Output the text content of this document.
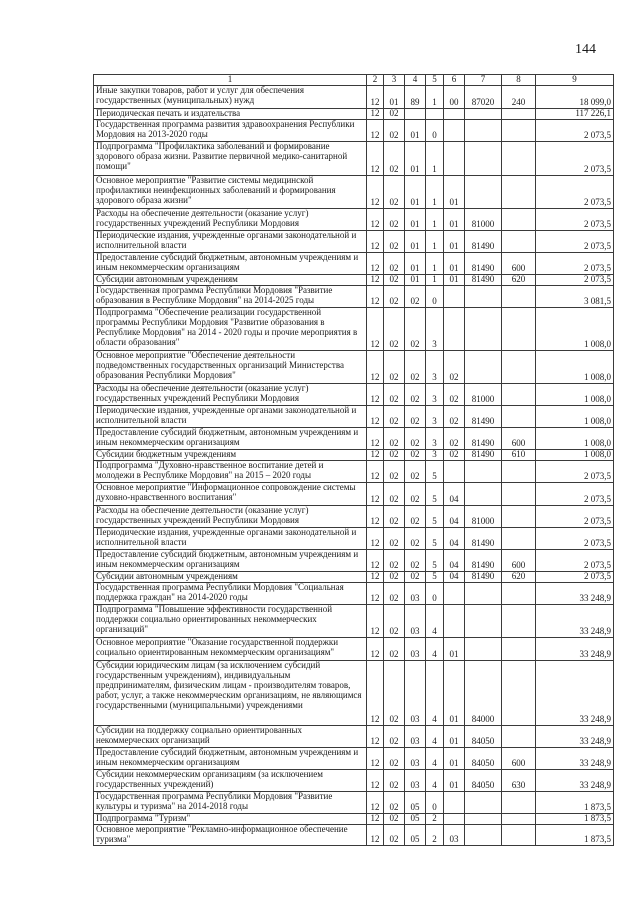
144
1	2	3	4	5	6	7	8	9
Иные закупки товаров, работ и услуг для обеспечения государственных (муниципальных) нужд	12	01	89	1	00	87020	240	18 099,0
Периодическая печать и издательства	12	02						117 226,1
Государственная программа развития здравоохранения Республики Мордовия на 2013-2020 годы	12	02	01	0				2 073,5
Подпрограмма "Профилактика заболеваний и формирование здорового образа жизни. Развитие первичной медико-санитарной помощи"	12	02	01	1				2 073,5
Основное мероприятие "Развитие системы медицинской профилактики неинфекционных заболеваний и формирования здорового образа жизни"	12	02	01	1	01			2 073,5
Расходы на обеспечение деятельности (оказание услуг) государственных учреждений Республики Мордовия	12	02	01	1	01	81000		2 073,5
Периодические издания, учрежденные органами законодательной и исполнительной власти	12	02	01	1	01	81490		2 073,5
Предоставление субсидий бюджетным, автономным учреждениям и иным некоммерческим организациям	12	02	01	1	01	81490	600	2 073,5
Субсидии автономным учреждениям	12	02	01	1	01	81490	620	2 073,5
Государственная программа Республики Мордовия "Развитие образования в Республике Мордовия" на 2014-2025 годы	12	02	02	0				3 081,5
Подпрограмма "Обеспечение реализации государственной программы Республики Мордовия "Развитие образования в Республике Мордовия" на 2014 - 2020 годы и прочие мероприятия в области образования"	12	02	02	3				1 008,0
Основное мероприятие "Обеспечение деятельности подведомственных государственных организаций Министерства образования Республики Мордовия"	12	02	02	3	02			1 008,0
Расходы на обеспечение деятельности (оказание услуг) государственных учреждений Республики Мордовия	12	02	02	3	02	81000		1 008,0
Периодические издания, учрежденные органами законодательной и исполнительной власти	12	02	02	3	02	81490		1 008,0
Предоставление субсидий бюджетным, автономным учреждениям и иным некоммерческим организациям	12	02	02	3	02	81490	600	1 008,0
Субсидии бюджетным учреждениям	12	02	02	3	02	81490	610	1 008,0
Подпрограмма "Духовно-нравственное воспитание детей и молодежи в Республике Мордовия" на 2015 – 2020 годы	12	02	02	5				2 073,5
Основное мероприятие "Информационное сопровождение системы духовно-нравственного воспитания"	12	02	02	5	04			2 073,5
Расходы на обеспечение деятельности (оказание услуг) государственных учреждений Республики Мордовия	12	02	02	5	04	81000		2 073,5
Периодические издания, учрежденные органами законодательной и исполнительной власти	12	02	02	5	04	81490		2 073,5
Предоставление субсидий бюджетным, автономным учреждениям и иным некоммерческим организациям	12	02	02	5	04	81490	600	2 073,5
Субсидии автономным учреждениям	12	02	02	5	04	81490	620	2 073,5
Государственная программа Республики Мордовия "Социальная поддержка граждан" на 2014-2020 годы	12	02	03	0				33 248,9
Подпрограмма "Повышение эффективности государственной поддержки социально ориентированных некоммерческих организаций"	12	02	03	4				33 248,9
Основное мероприятие "Оказание государственной поддержки социально ориентированным некоммерческим организациям"	12	02	03	4	01			33 248,9
Субсидии юридическим лицам (за исключением субсидий государственным учреждениям), индивидуальным предпринимателям, физическим лицам - производителям товаров, работ, услуг, а также некоммерческим организациям, не являющимся государственными (муниципальными) учреждениями	12	02	03	4	01	84000		33 248,9
Субсидии на поддержку социально ориентированных некоммерческих организаций	12	02	03	4	01	84050		33 248,9
Предоставление субсидий бюджетным, автономным учреждениям и иным некоммерческим организациям	12	02	03	4	01	84050	600	33 248,9
Субсидии некоммерческим организациям (за исключением государственных учреждений)	12	02	03	4	01	84050	630	33 248,9
Государственная программа Республики Мордовия "Развитие культуры и туризма" на 2014-2018 годы	12	02	05	0				1 873,5
Подпрограмма "Туризм"	12	02	05	2				1 873,5
Основное мероприятие "Рекламно-информационное обеспечение туризма"	12	02	05	2	03			1 873,5
